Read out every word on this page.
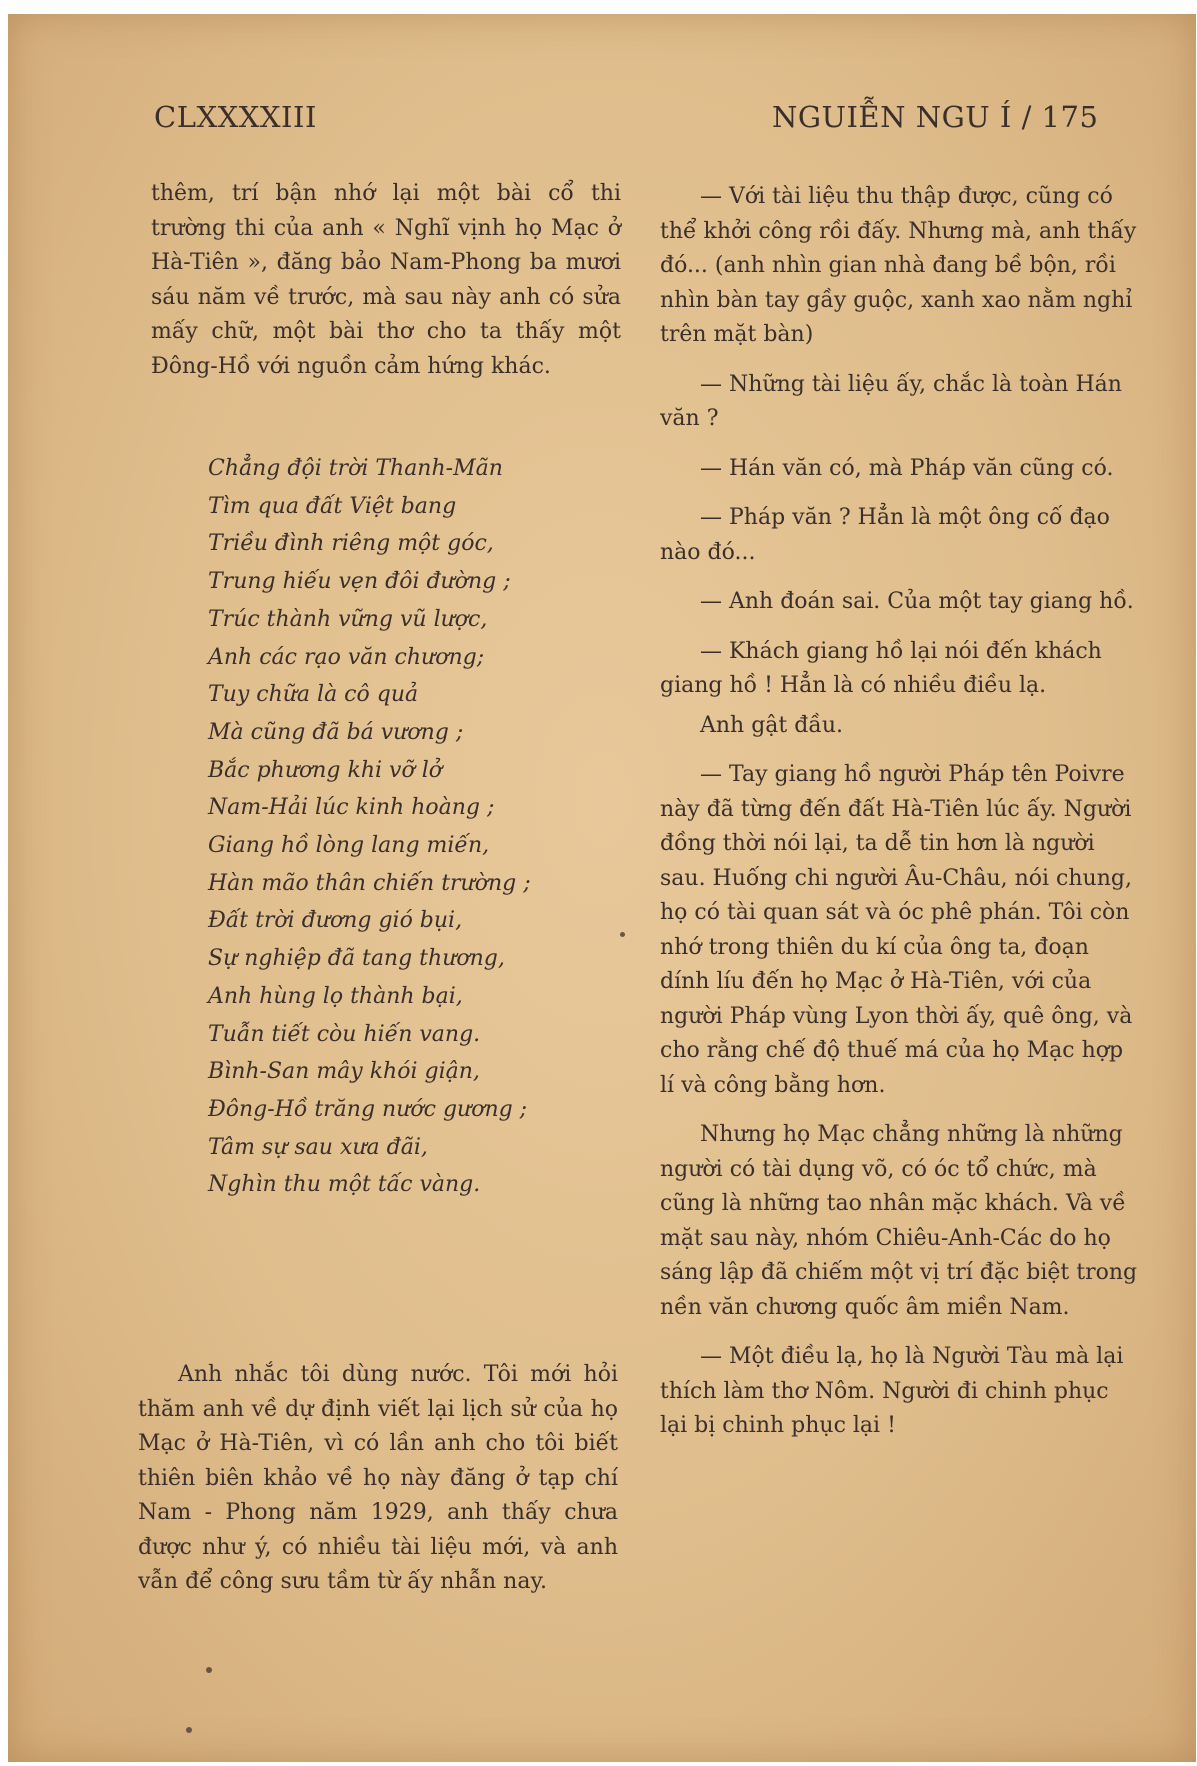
CLXXXXIII	NGUIỄN NGU Í / 175

thêm, trí bận nhớ lại một bài cổ thi trường thi của anh « Nghĩ vịnh họ Mạc ở Hà-Tiên », đăng bảo Nam-Phong ba mươi sáu năm về trước, mà sau này anh có sửa mấy chữ, một bài thơ cho ta thấy một Đông-Hồ với nguồn cảm hứng khác.

Chẳng đội trời Thanh-Mãn
Tìm qua đất Việt bang
Triều đình riêng một góc,
Trung hiếu vẹn đôi đường ;
Trúc thành vững vũ lược,
Anh các rạo văn chương;
Tuy chữa là cô quả
Mà cũng đã bá vương ;
Bắc phương khi vỡ lở
Nam-Hải lúc kinh hoàng ;
Giang hồ lòng lang miến,
Hàn mão thân chiến trường ;
Đất trời đương gió bụi,
Sự nghiệp đã tang thương,
Anh hùng lọ thành bại,
Tuẫn tiết còu hiến vang.
Bình-San mây khói giận,
Đông-Hồ trăng nước gương ;
Tâm sự sau xưa đãi,
Nghìn thu một tấc vàng.

Anh nhắc tôi dùng nước. Tôi mới hỏi thăm anh về dự định viết lại lịch sử của họ Mạc ở Hà-Tiên, vì có lần anh cho tôi biết thiên biên khảo về họ này đăng ở tạp chí Nam - Phong năm 1929, anh thấy chưa được như ý, có nhiều tài liệu mới, và anh vẫn để công sưu tầm từ ấy nhẫn nay.

— Với tài liệu thu thập được, cũng có thể khởi công rồi đấy. Nhưng mà, anh thấy đó... (anh nhìn gian nhà đang bề bộn, rồi nhìn bàn tay gầy guộc, xanh xao nằm nghỉ trên mặt bàn)

— Những tài liệu ấy, chắc là toàn Hán văn ?

— Hán văn có, mà Pháp văn cũng có.

— Pháp văn ? Hẳn là một ông cố đạo nào đó...

— Anh đoán sai. Của một tay giang hồ.

— Khách giang hồ lại nói đến khách giang hồ ! Hẳn là có nhiều điều lạ.

Anh gật đầu.

— Tay giang hồ người Pháp tên Poivre này đã từng đến đất Hà-Tiên lúc ấy. Người đồng thời nói lại, ta dễ tin hơn là người sau. Huống chi người Âu-Châu, nói chung, họ có tài quan sát và óc phê phán. Tôi còn nhớ trong thiên du kí của ông ta, đoạn dính líu đến họ Mạc ở Hà-Tiên, với của người Pháp vùng Lyon thời ấy, quê ông, và cho rằng chế độ thuế má của họ Mạc hợp lí và công bằng hơn.

Nhưng họ Mạc chẳng những là những người có tài dụng võ, có óc tổ chức, mà cũng là những tao nhân mặc khách. Và về mặt sau này, nhóm Chiêu-Anh-Các do họ sáng lập đã chiếm một vị trí đặc biệt trong nền văn chương quốc âm miền Nam.

— Một điều lạ, họ là Người Tàu mà lại thích làm thơ Nôm. Người đi chinh phục lại bị chinh phục lại !
